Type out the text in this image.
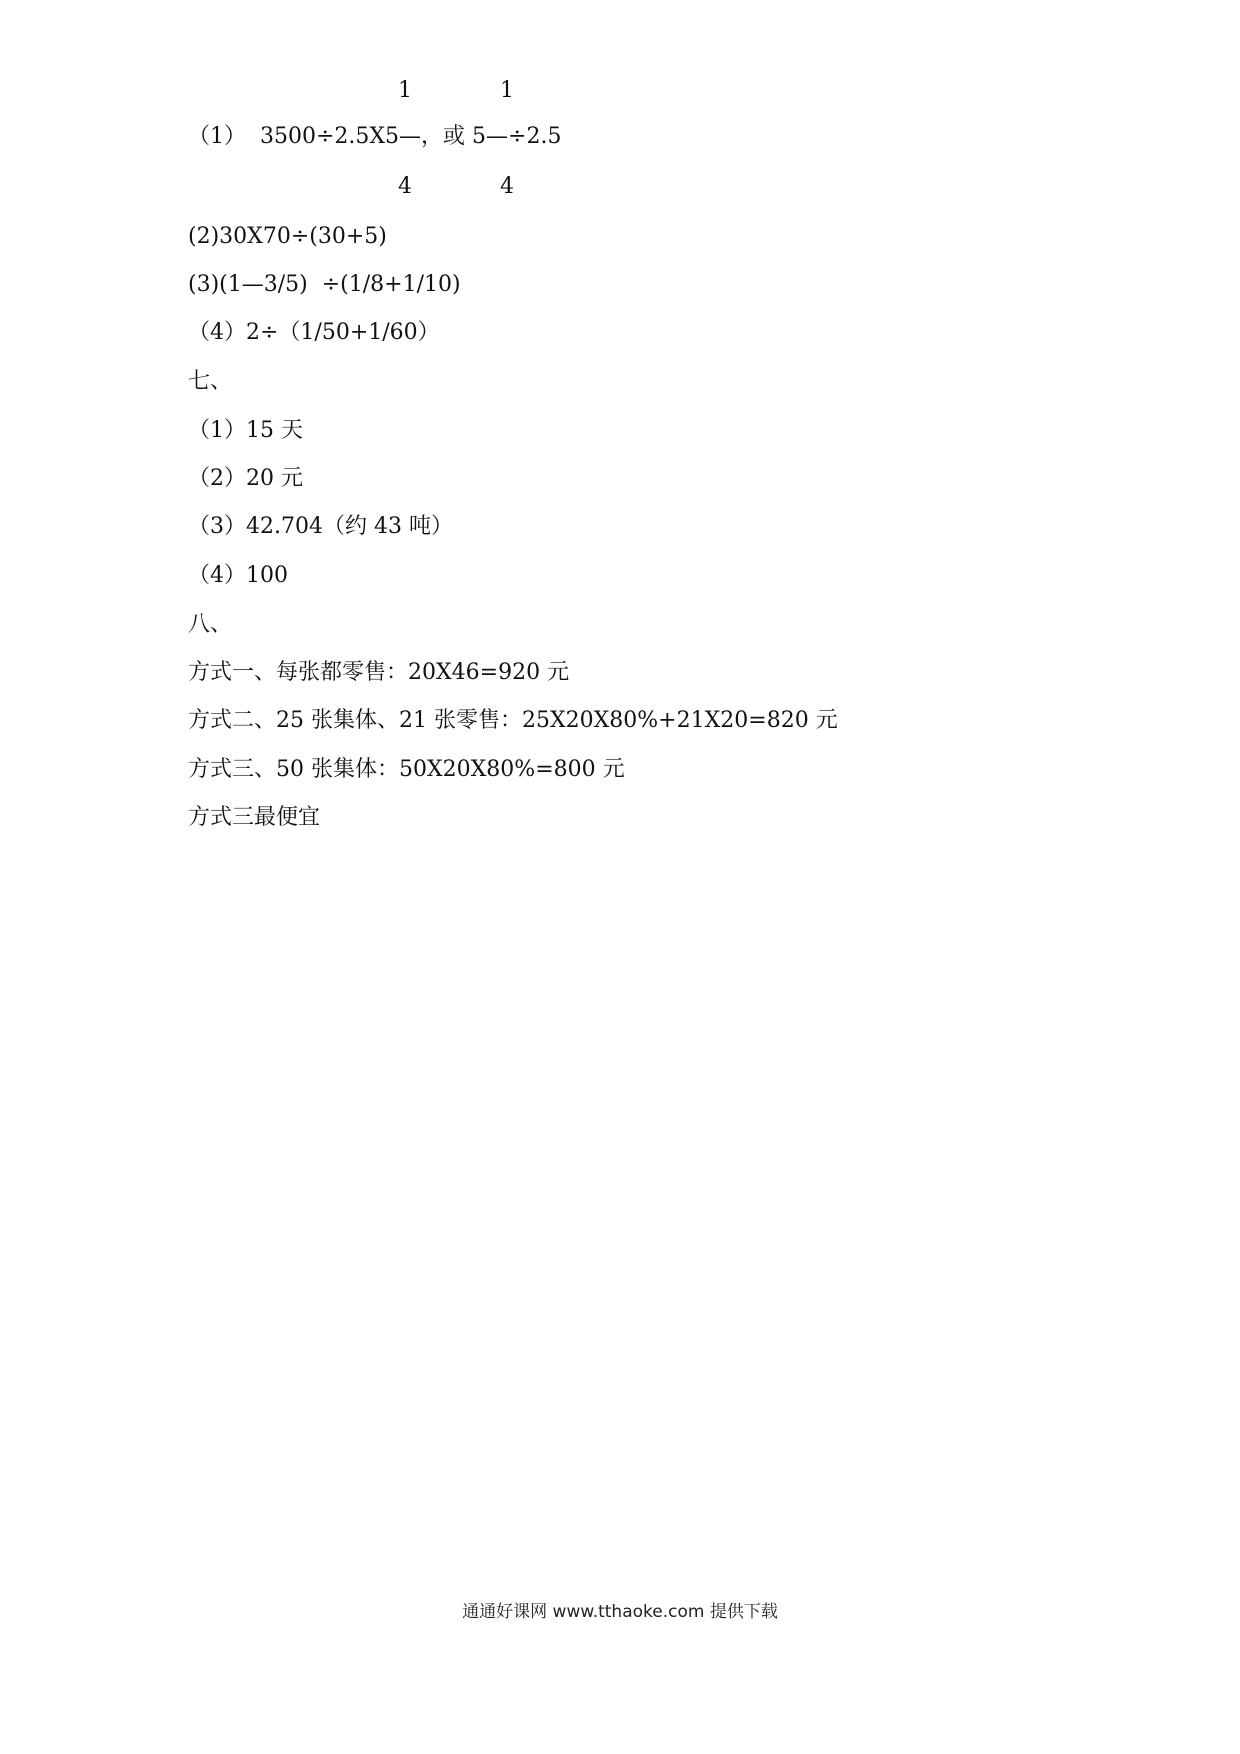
1	1
（1）  3500÷2.5X5—，或 5—÷2.5
4	4
(2)30X70÷(30+5)
(3)(1—3/5)  ÷(1/8+1/10)
（4）2÷（1/50+1/60）
七、
（1）15 天
（2）20 元
（3）42.704（约 43 吨）
（4）100
八、
方式一、每张都零售：20X46=920 元
方式二、25 张集体、21 张零售：25X20X80%+21X20=820 元
方式三、50 张集体：50X20X80%=800 元
方式三最便宜
通通好课网 www.tthaoke.com 提供下载
